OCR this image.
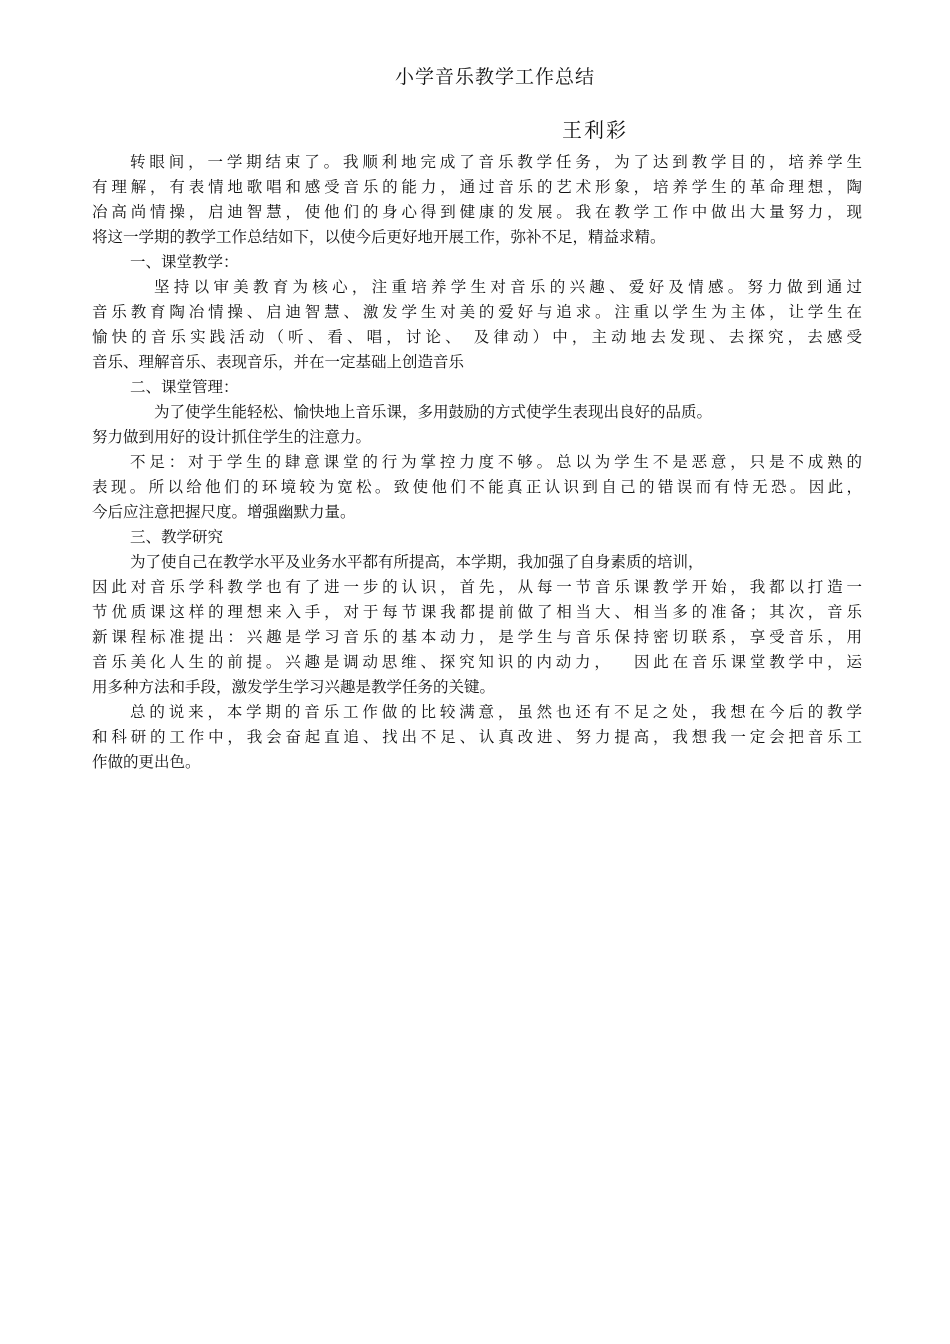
小学音乐教学工作总结
王利彩
转眼间，一学期结束了。我顺利地完成了音乐教学任务，为了达到教学目的，培养学生
有理解，有表情地歌唱和感受音乐的能力，通过音乐的艺术形象，培养学生的革命理想，陶
冶高尚情操，启迪智慧，使他们的身心得到健康的发展。我在教学工作中做出大量努力，现
将这一学期的教学工作总结如下，以使今后更好地开展工作，弥补不足，精益求精。
一、课堂教学：
坚持以审美教育为核心，注重培养学生对音乐的兴趣、爱好及情感。努力做到通过
音乐教育陶冶情操、启迪智慧、激发学生对美的爱好与追求。注重以学生为主体，让学生在
愉快的音乐实践活动（听、看、唱，讨论、 及律动）中，主动地去发现、去探究，去感受
音乐、理解音乐、表现音乐，并在一定基础上创造音乐
二、课堂管理：
为了使学生能轻松、愉快地上音乐课，多用鼓励的方式使学生表现出良好的品质。
努力做到用好的设计抓住学生的注意力。
不足：对于学生的肆意课堂的行为掌控力度不够。总以为学生不是恶意，只是不成熟的
表现。所以给他们的环境较为宽松。致使他们不能真正认识到自己的错误而有恃无恐。因此，
今后应注意把握尺度。增强幽默力量。
三、教学研究
为了使自己在教学水平及业务水平都有所提高，本学期，我加强了自身素质的培训，
因此对音乐学科教学也有了进一步的认识，首先，从每一节音乐课教学开始，我都以打造一
节优质课这样的理想来入手，对于每节课我都提前做了相当大、相当多的准备；其次，音乐
新课程标准提出：兴趣是学习音乐的基本动力，是学生与音乐保持密切联系，享受音乐，用
音乐美化人生的前提。兴趣是调动思维、探究知识的内动力，　 因此在音乐课堂教学中，运
用多种方法和手段，激发学生学习兴趣是教学任务的关键。
总的说来，本学期的音乐工作做的比较满意，虽然也还有不足之处，我想在今后的教学
和科研的工作中，我会奋起直追、找出不足、认真改进、努力提高，我想我一定会把音乐工
作做的更出色。
